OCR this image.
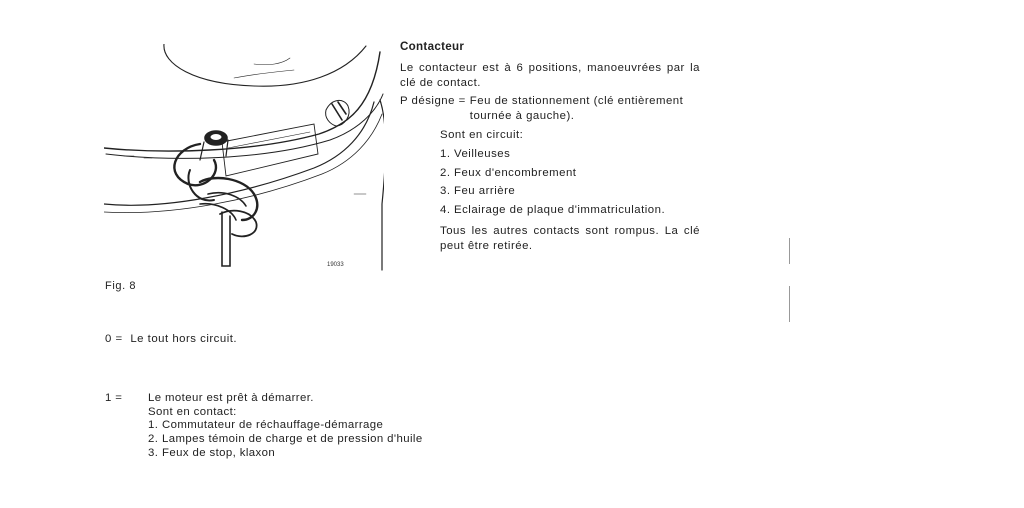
19033
Fig. 8
Contacteur

Le contacteur est à 6 positions, manoeuvrées par la clé de contact.

P désigne = Feu de stationnement (clé entièrement tournée à gauche).

Sont en circuit:

1. Veilleuses
2. Feux d'encombrement
3. Feu arrière
4. Eclairage de plaque d'immatriculation.

Tous les autres contacts sont rompus. La clé peut être retirée.

0 = Le tout hors circuit.
1 =	Le moteur est prêt à démarrer.
Sont en contact:
1. Commutateur de réchauffage-démarrage
2. Lampes témoin de charge et de pression d'huile
3. Feux de stop, klaxon
